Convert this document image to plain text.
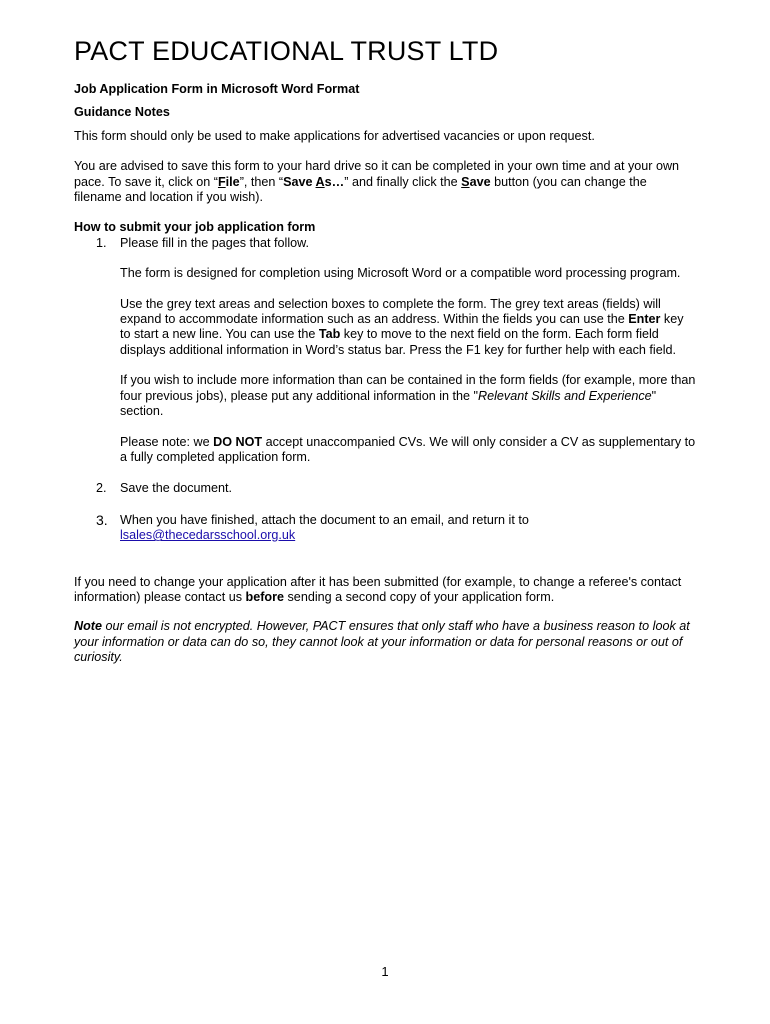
PACT EDUCATIONAL TRUST LTD

Job Application Form in Microsoft Word Format

Guidance Notes

This form should only be used to make applications for advertised vacancies or upon request.

You are advised to save this form to your hard drive so it can be completed in your own time and at your own pace. To save it, click on “File”, then “Save As…” and finally click the Save button (you can change the filename and location if you wish).

How to submit your job application form

1. Please fill in the pages that follow.

The form is designed for completion using Microsoft Word or a compatible word processing program.

Use the grey text areas and selection boxes to complete the form. The grey text areas (fields) will expand to accommodate information such as an address. Within the fields you can use the Enter key to start a new line. You can use the Tab key to move to the next field on the form. Each form field displays additional information in Word’s status bar. Press the F1 key for further help with each field.

If you wish to include more information than can be contained in the form fields (for example, more than four previous jobs), please put any additional information in the "Relevant Skills and Experience" section.

Please note: we DO NOT accept unaccompanied CVs. We will only consider a CV as supplementary to a fully completed application form.

2. Save the document.

3. When you have finished, attach the document to an email, and return it to

lsales@thecedarsschool.org.uk

If you need to change your application after it has been submitted (for example, to change a referee's contact information) please contact us before sending a second copy of your application form.

Note our email is not encrypted. However, PACT ensures that only staff who have a business reason to look at your information or data can do so, they cannot look at your information or data for personal reasons or out of curiosity.

1
